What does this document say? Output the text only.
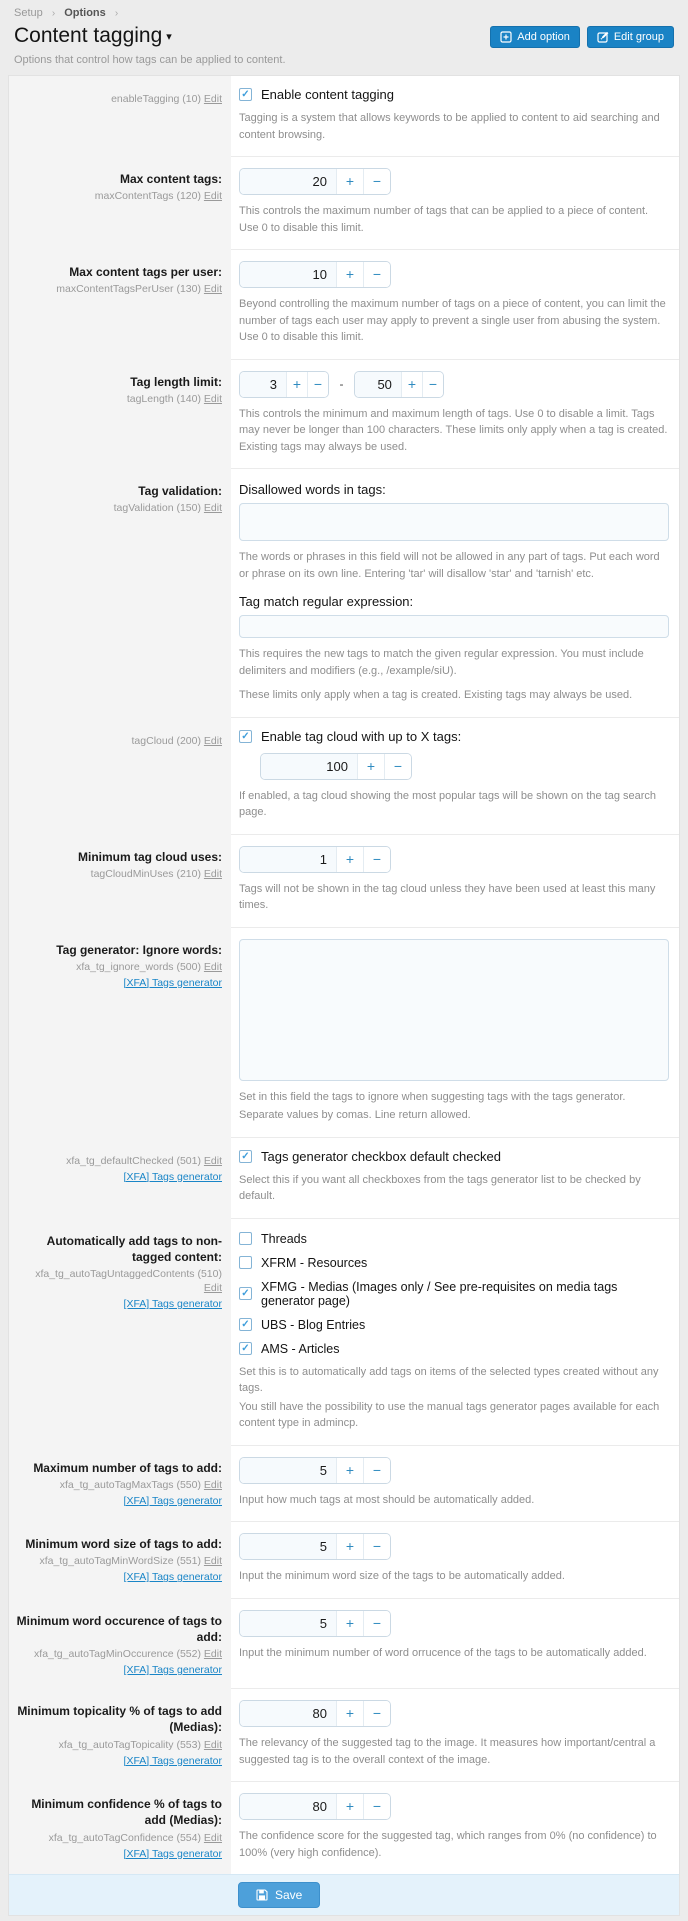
Setup › Options ›
Content tagging ▾	Add option	Edit group
Options that control how tags can be applied to content.
enableTagging (10) Edit ✓ Enable content tagging
Tagging is a system that allows keywords to be applied to content to aid searching and content browsing.
Max content tags:
maxContentTags (120) Edit
20	+	−
This controls the maximum number of tags that can be applied to a piece of content. Use 0 to disable this limit.
Max content tags per user:
maxContentTagsPerUser (130) Edit
10	+	−
Beyond controlling the maximum number of tags on a piece of content, you can limit the number of tags each user may apply to prevent a single user from abusing the system. Use 0 to disable this limit.
Tag length limit:
tagLength (140) Edit
3	+ −	-	50	+ −
This controls the minimum and maximum length of tags. Use 0 to disable a limit. Tags may never be longer than 100 characters. These limits only apply when a tag is created. Existing tags may always be used.
Tag validation:
tagValidation (150) Edit
Disallowed words in tags:
The words or phrases in this field will not be allowed in any part of tags. Put each word or phrase on its own line. Entering 'tar' will disallow 'star' and 'tarnish' etc.
Tag match regular expression:
This requires the new tags to match the given regular expression. You must include delimiters and modifiers (e.g., /example/siU).
These limits only apply when a tag is created. Existing tags may always be used.
tagCloud (200) Edit ✓ Enable tag cloud with up to X tags:
100	+	−
If enabled, a tag cloud showing the most popular tags will be shown on the tag search page.
Minimum tag cloud uses:
tagCloudMinUses (210) Edit
1	+	−
Tags will not be shown in the tag cloud unless they have been used at least this many times.
Tag generator: Ignore words:
xfa_tg_ignore_words (500) Edit
[XFA] Tags generator
Set in this field the tags to ignore when suggesting tags with the tags generator.
Separate values by comas. Line return allowed.
xfa_tg_defaultChecked (501) Edit
[XFA] Tags generator
✓ Tags generator checkbox default checked
Select this if you want all checkboxes from the tags generator list to be checked by default.
Automatically add tags to non-tagged content:
xfa_tg_autoTagUntaggedContents (510) Edit
[XFA] Tags generator
Threads
XFRM - Resources
✓ XFMG - Medias (Images only / See pre-requisites on media tags generator page)
✓ UBS - Blog Entries
✓ AMS - Articles
Set this is to automatically add tags on items of the selected types created without any tags.
You still have the possibility to use the manual tags generator pages available for each content type in admincp.
Maximum number of tags to add:
xfa_tg_autoTagMaxTags (550) Edit
[XFA] Tags generator
5	+	−
Input how much tags at most should be automatically added.
Minimum word size of tags to add:
xfa_tg_autoTagMinWordSize (551) Edit
[XFA] Tags generator
5	+	−
Input the minimum word size of the tags to be automatically added.
Minimum word occurence of tags to add:
xfa_tg_autoTagMinOccurence (552) Edit
[XFA] Tags generator
5	+	−
Input the minimum number of word orrucence of the tags to be automatically added.
Minimum topicality % of tags to add (Medias):
xfa_tg_autoTagTopicality (553) Edit
[XFA] Tags generator
80	+	−
The relevancy of the suggested tag to the image. It measures how important/central a suggested tag is to the overall context of the image.
Minimum confidence % of tags to add (Medias):
xfa_tg_autoTagConfidence (554) Edit
[XFA] Tags generator
80	+	−
The confidence score for the suggested tag, which ranges from 0% (no confidence) to 100% (very high confidence).
Save
